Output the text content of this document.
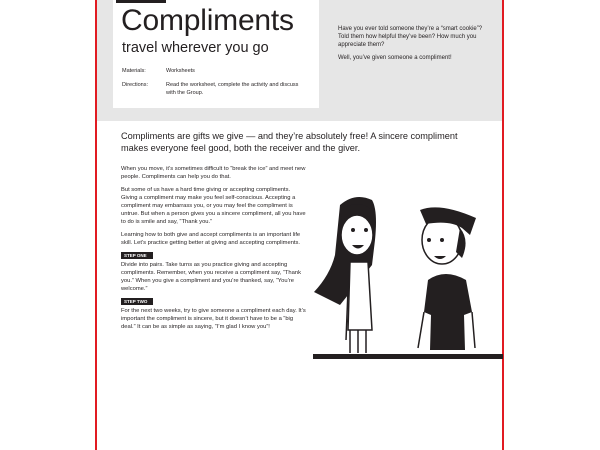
Compliments
travel wherever you go
Materials:	Worksheets
Directions:	Read the worksheet, complete the activity and discuss with the Group.

Have you ever told someone they’re a “smart cookie”? Told them how helpful they’ve been? How much you appreciate them?

Well, you’ve given someone a compliment!

Compliments are gifts we give — and they’re absolutely free! A sincere compliment makes everyone feel good, both the receiver and the giver.

When you move, it’s sometimes difficult to “break the ice” and meet new people. Compliments can help you do that.

But some of us have a hard time giving or accepting compliments. Giving a compliment may make you feel self-conscious. Accepting a compliment may embarrass you, or you may feel the compliment is untrue. But when a person gives you a sincere compliment, all you have to do is smile and say, “Thank you.”

Learning how to both give and accept compliments is an important life skill. Let’s practice getting better at giving and accepting compliments.

STEP ONE

Divide into pairs. Take turns as you practice giving and accepting compliments. Remember, when you receive a compliment say, “Thank you.” When you give a compliment and you’re thanked, say, “You’re welcome.”

STEP TWO

For the next two weeks, try to give someone a compliment each day. It’s important the compliment is sincere, but it doesn’t have to be a “big deal.” It can be as simple as saying, “I’m glad I know you”!
